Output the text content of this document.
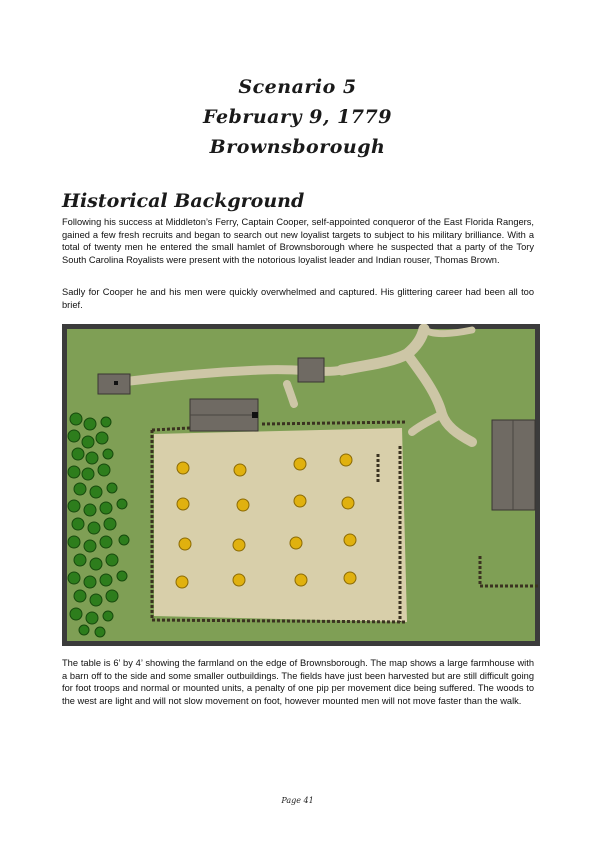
Scenario 5
February 9, 1779
Brownsborough
Historical Background

Following his success at Middleton’s Ferry, Captain Cooper, self-appointed conqueror of the East Florida Rangers, gained a few fresh recruits and began to search out new loyalist targets to subject to his military brilliance. With a total of twenty men he entered the small hamlet of Brownsborough where he suspected that a party of the Tory South Carolina Royalists were present with the notorious loyalist leader and Indian rouser, Thomas Brown.

Sadly for Cooper he and his men were quickly overwhelmed and captured. His glittering career had been all too brief.

The table is 6’ by 4’ showing the farmland on the edge of Brownsborough. The map shows a large farmhouse with a barn off to the side and some smaller outbuildings. The fields have just been harvested but are still difficult going for foot troops and normal or mounted units, a penalty of one pip per movement dice being suffered. The woods to the west are light and will not slow movement on foot, however mounted men will not move faster than the walk.

Page 41
